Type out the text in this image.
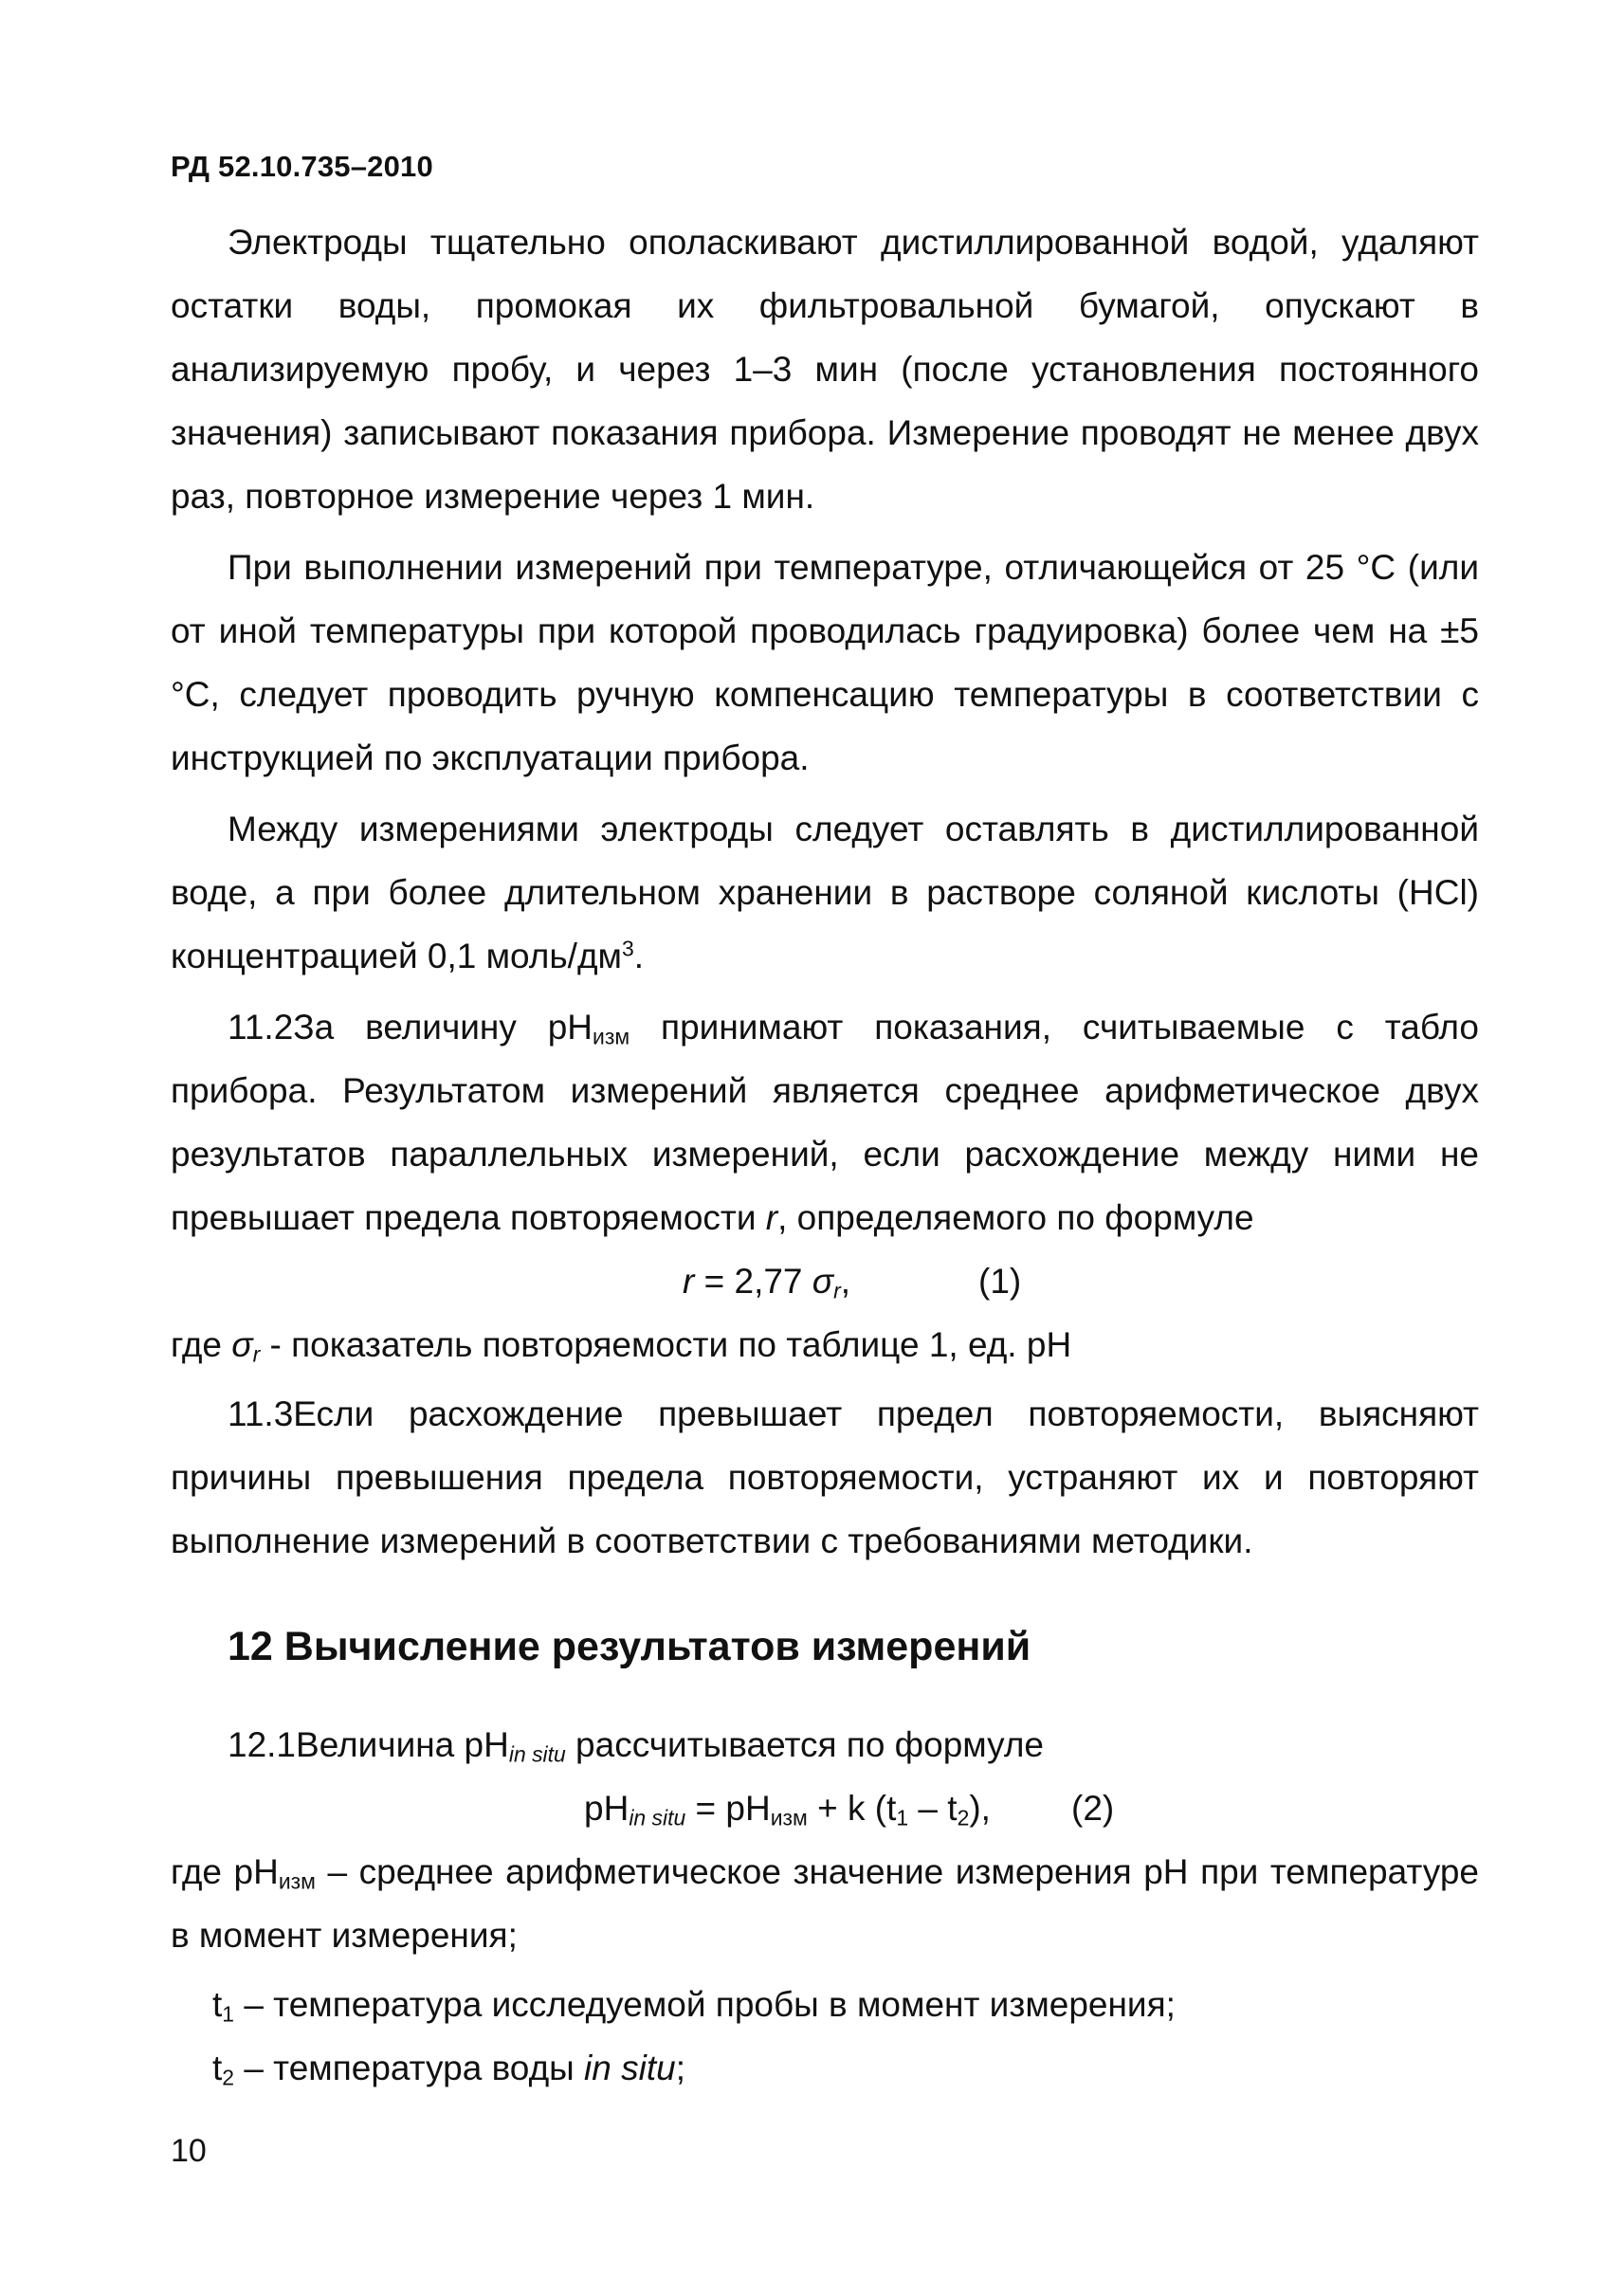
РД 52.10.735–2010

Электроды тщательно ополаскивают дистиллированной водой, удаляют остатки воды, промокая их фильтровальной бумагой, опускают в анализируемую пробу, и через 1–3 мин (после установления постоянного значения) записывают показания прибора. Измерение проводят не менее двух раз, повторное измерение через 1 мин.

При выполнении измерений при температуре, отличающейся от 25 °С (или от иной температуры при которой проводилась градуировка) более чем на ±5 °С, следует проводить ручную компенсацию температуры в соответствии с инструкцией по эксплуатации прибора.

Между измерениями электроды следует оставлять в дистиллированной воде, а при более длительном хранении в растворе соляной кислоты (HCl) концентрацией 0,1 моль/$дм^3$.

11.2За величину $рН_{изм}$ принимают показания, считываемые с табло прибора. Результатом измерений является среднее арифметическое двух результатов параллельных измерений, если расхождение между ними не превышает предела повторяемости r, определяемого по формуле

r = 2,77 $\sigma_r$,	(1)

где $\sigma_r$ - показатель повторяемости по таблице 1, ед. рН

11.3Если расхождение превышает предел повторяемости, выясняют причины превышения предела повторяемости, устраняют их и повторяют выполнение измерений в соответствии с требованиями методики.

12 Вычисление результатов измерений

12.1Величина $рН_{in situ}$ рассчитывается по формуле

$рН_{in situ} = рН_{изм} + k$ $(t_1 - t_2)$, (2)

где $рН_{изм}$ – среднее арифметическое значение измерения рН при температуре в момент измерения;

$t_1$ – температура исследуемой пробы в момент измерения;

$t_2$ – температура воды in situ;

10
